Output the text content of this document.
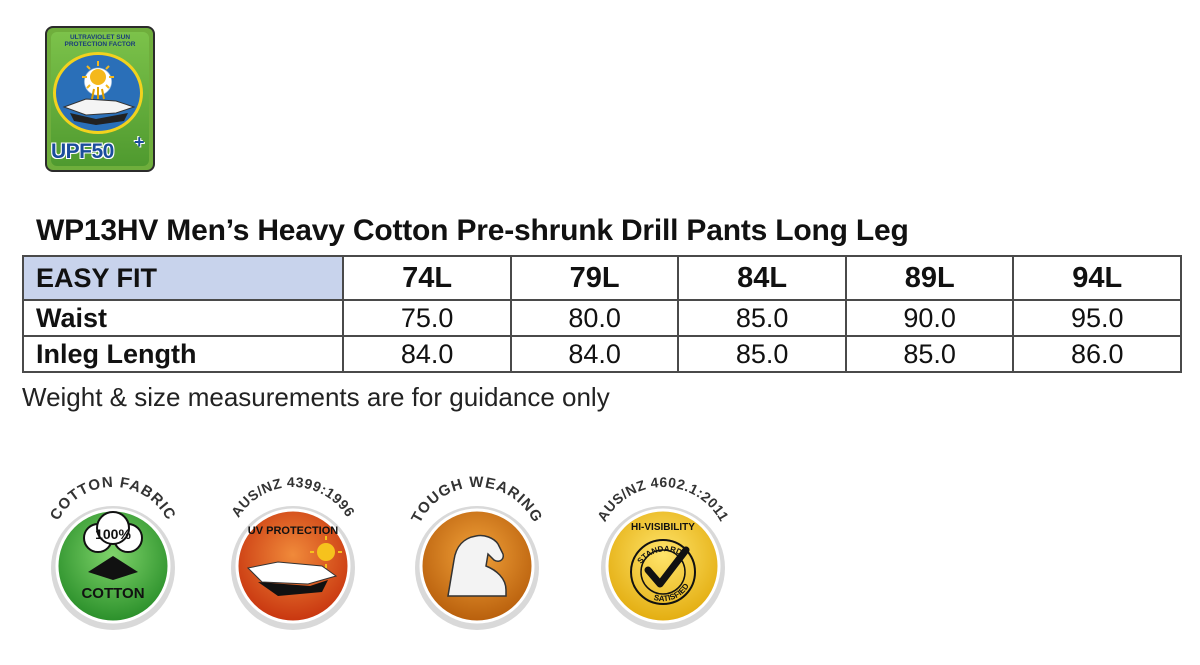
ULTRAVIOLET SUN
PROTECTION FACTOR
UPF50 +
WP13HV Men’s Heavy Cotton Pre-shrunk Drill Pants Long Leg
EASY FIT	74L	79L	84L	89L	94L
Waist	75.0	80.0	85.0	90.0	95.0
Inleg Length	84.0	84.0	85.0	85.0	86.0
Weight & size measurements are for guidance only
COTTON FABRIC
100%
COTTON
AUS/NZ 4399:1996
UV PROTECTION
TOUGH WEARING	AUS/NZ 4602.1:2011
HI-VISIBILITY
STANDARD
SATISFIED
